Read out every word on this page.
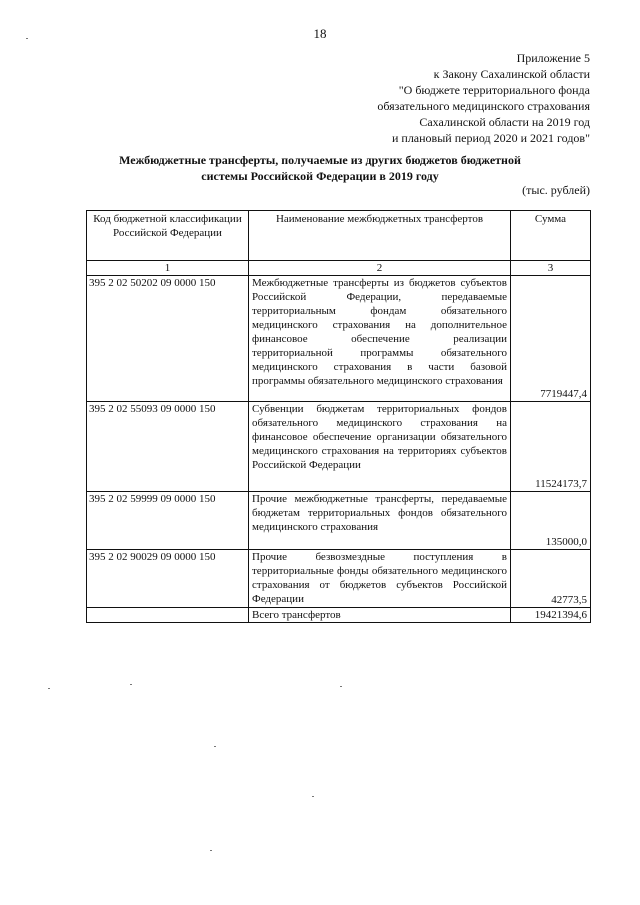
18
Приложение 5
к Закону Сахалинской области
"О бюджете территориального фонда
обязательного медицинского страхования
Сахалинской области на 2019 год
и плановый период 2020 и 2021 годов"
Межбюджетные трансферты, получаемые из других бюджетов бюджетной
системы Российской Федерации в 2019 году
(тыс. рублей)
Код бюджетной классификации Российской Федерации	Наименование межбюджетных трансфертов	Сумма
1	2	3
395 2 02 50202 09 0000 150	Межбюджетные трансферты из бюджетов субъектов Российской Федерации, передаваемые территориальным фондам обязательного медицинского страхования на дополнительное финансовое обеспечение реализации территориальной программы обязательного медицинского страхования в части базовой программы обязательного медицинского страхования	7719447,4
395 2 02 55093 09 0000 150	Субвенции бюджетам территориальных фондов обязательного медицинского страхования на финансовое обеспечение организации обязательного медицинского страхования на территориях субъектов Российской Федерации	11524173,7
395 2 02 59999 09 0000 150	Прочие межбюджетные трансферты, передаваемые бюджетам территориальных фондов обязательного медицинского страхования	135000,0
395 2 02 90029 09 0000 150	Прочие безвозмездные поступления в территориальные фонды обязательного медицинского страхования от бюджетов субъектов Российской Федерации	42773,5
	Всего трансфертов	19421394,6
